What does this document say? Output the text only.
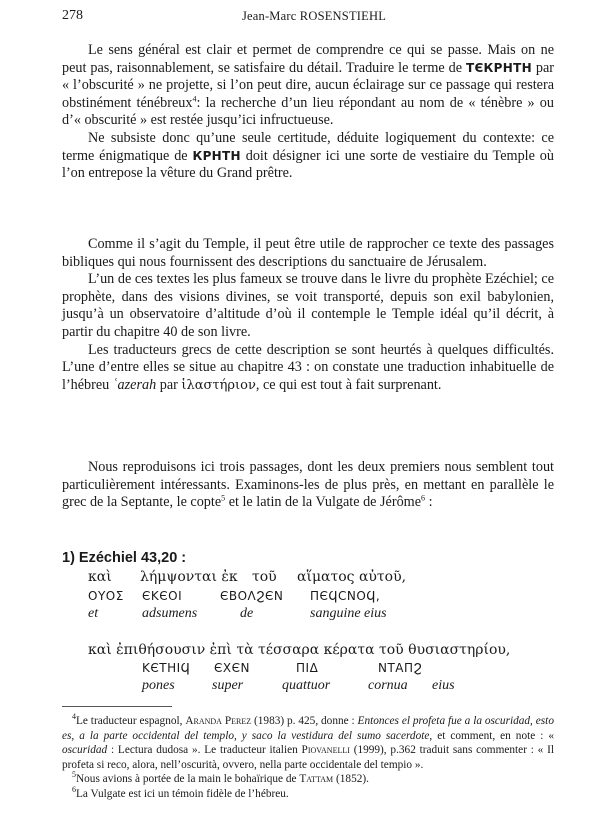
278	Jean-Marc ROSENSTIEHL

Le sens général est clair et permet de comprendre ce qui se passe. Mais on ne peut pas, raisonnablement, se satisfaire du détail. Traduire le terme de ТЄКРНТН par « l’obscurité » ne projette, si l’on peut dire, aucun éclairage sur ce passage qui restera obstinément ténébreux$^4$: la recherche d’un lieu répondant au nom de « ténèbre » ou d’« obscurité » est restée jusqu’ici infructueuse.

Ne subsiste donc qu’une seule certitude, déduite logiquement du contexte: ce terme énigmatique de КРНТН doit désigner ici une sorte de vestiaire du Temple où l’on entrepose la vêture du Grand prêtre.

Comme il s’agit du Temple, il peut être utile de rapprocher ce texte des passages bibliques qui nous fournissent des descriptions du sanctuaire de Jérusalem.

L’un de ces textes les plus fameux se trouve dans le livre du prophète Ezéchiel; ce prophète, dans des visions divines, se voit transporté, depuis son exil babylonien, jusqu’à un observatoire d’altitude d’où il contemple le Temple idéal qu’il décrit, à partir du chapitre 40 de son livre.

Les traducteurs grecs de cette description se sont heurtés à quelques difficultés. L’une d’entre elles se situe au chapitre 43 : on constate une traduction inhabituelle de l’hébreu ʿazerah par ἱλαστήριον, ce qui est tout à fait surprenant.

Nous reproduisons ici trois passages, dont les deux premiers nous semblent tout particulièrement intéressants. Examinons-les de plus près, en mettant en parallèle le grec de la Septante, le copte$^5$ et le latin de la Vulgate de Jérôme$^6$ :

1) Ezéchiel 43,20 :
καὶ λήμψονται ἐκ τοῦ αἵματος αὐτοῦ,
ΟΥΟΣ ЄΚЄΟΙ	ЄΒΟΛϨЄΝ ΠЄϤСΝΟϤ,
et	adsumens	de	sanguine eius
καὶ ἐπιθήσουσιν ἐπὶ τὰ τέσσαρα κέρατα τοῦ θυσιαστηρίου,
ΚЄΤΗΙϤ ЄΧЄΝ	ΠΙΔ	ΝΤΑΠϨ
pones	super	quattuor	cornua eius

$^4$Le traducteur espagnol, Aranda Perez (1983) p. 425, donne : Entonces el profeta fue a la oscuridad, esto es, a la parte occidental del templo, y saco la vestidura del sumo sacerdote, et comment, en note : « oscuridad : Lectura dudosa ». Le traducteur italien Piovanelli (1999), p.362 traduit sans commenter : « Il profeta si reco, alora, nell’oscurità, ovvero, nella parte occidentale del tempio ».

$^5$Nous avions à portée de la main le bohaïrique de Tattam (1852).

$^6$La Vulgate est ici un témoin fidèle de l’hébreu.
